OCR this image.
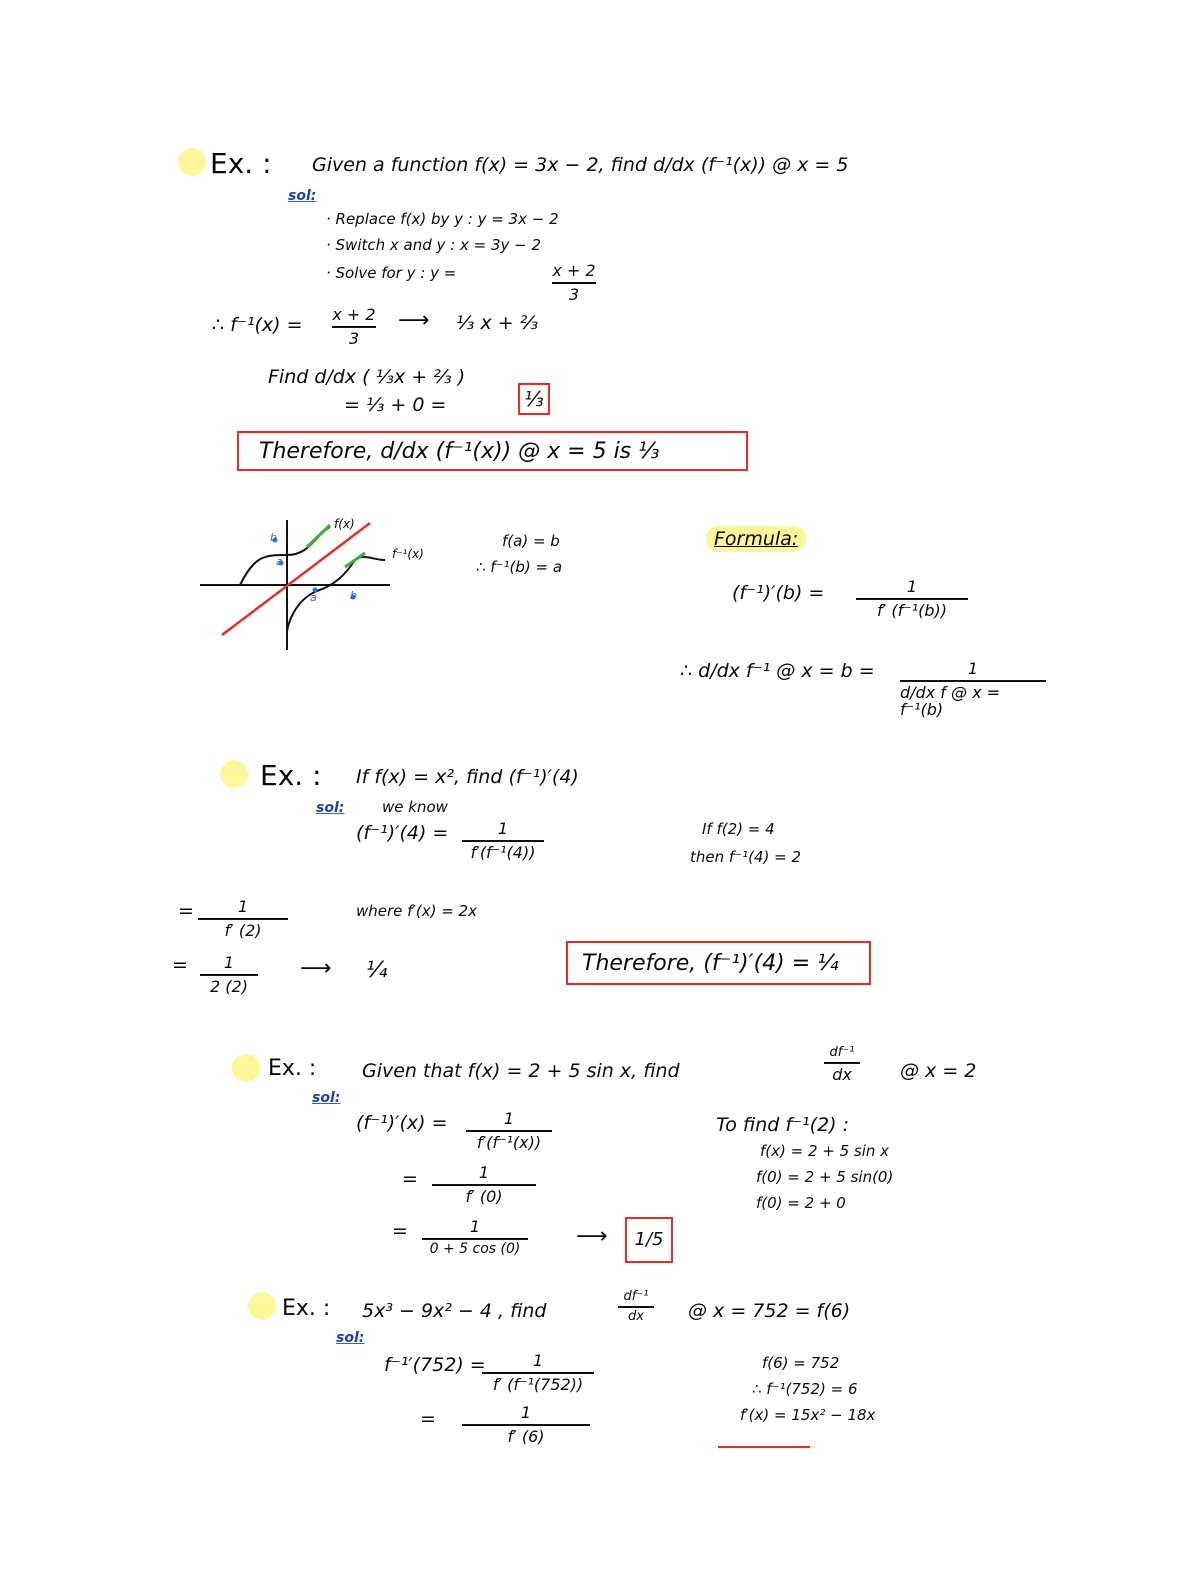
Ex. : Given a function f(x) = 3x − 2, find d/dx (f⁻¹(x)) @ x = 5
sol:
· Replace f(x) by y : y = 3x − 2
· Switch x and y : x = 3y − 2
· Solve for y : y =	x + 2
3
∴ f⁻¹(x) = x + 2
3
⟶ ⅓ x + ⅔
Find d/dx ( ⅓x + ⅔ )
= ⅓ + 0 =	⅓
Therefore, d/dx (f⁻¹(x)) @ x = 5 is ⅓
f(x)
f⁻¹(x)
b
a
a	b
f(a) = b
∴ f⁻¹(b) = a
Formula:
(f⁻¹)′(b) =	1
f′ (f⁻¹(b))
∴ d/dx f⁻¹ @ x = b =	1
d/dx f @ x = f⁻¹(b)
Ex. : If f(x) = x², find (f⁻¹)′(4)
sol:	we know
(f⁻¹)′(4) =	1
f′(f⁻¹(4))
If f(2) = 4
then f⁻¹(4) = 2
=	1
f′ (2)
where f′(x) = 2x
= 1
2 (2)
⟶ ¼	Therefore, (f⁻¹)′(4) = ¼
Ex. : Given that f(x) = 2 + 5 sin x, find
df⁻¹
dx	@ x = 2
sol:
(f⁻¹)′(x) =	1
f′(f⁻¹(x))
=	1
f′ (0)
=	1
0 + 5 cos (0)	⟶ 1/5
To find f⁻¹(2) :
f(x) = 2 + 5 sin x
f(0) = 2 + 5 sin(0)
f(0) = 2 + 0
Ex. : 5x³ − 9x² − 4 , find
df⁻¹
dx @ x = 752 = f(6)
sol:
f⁻¹′(752) =	1
f′ (f⁻¹(752))
=	1
f′ (6)
f(6) = 752
∴ f⁻¹(752) = 6
f′(x) = 15x² − 18x
